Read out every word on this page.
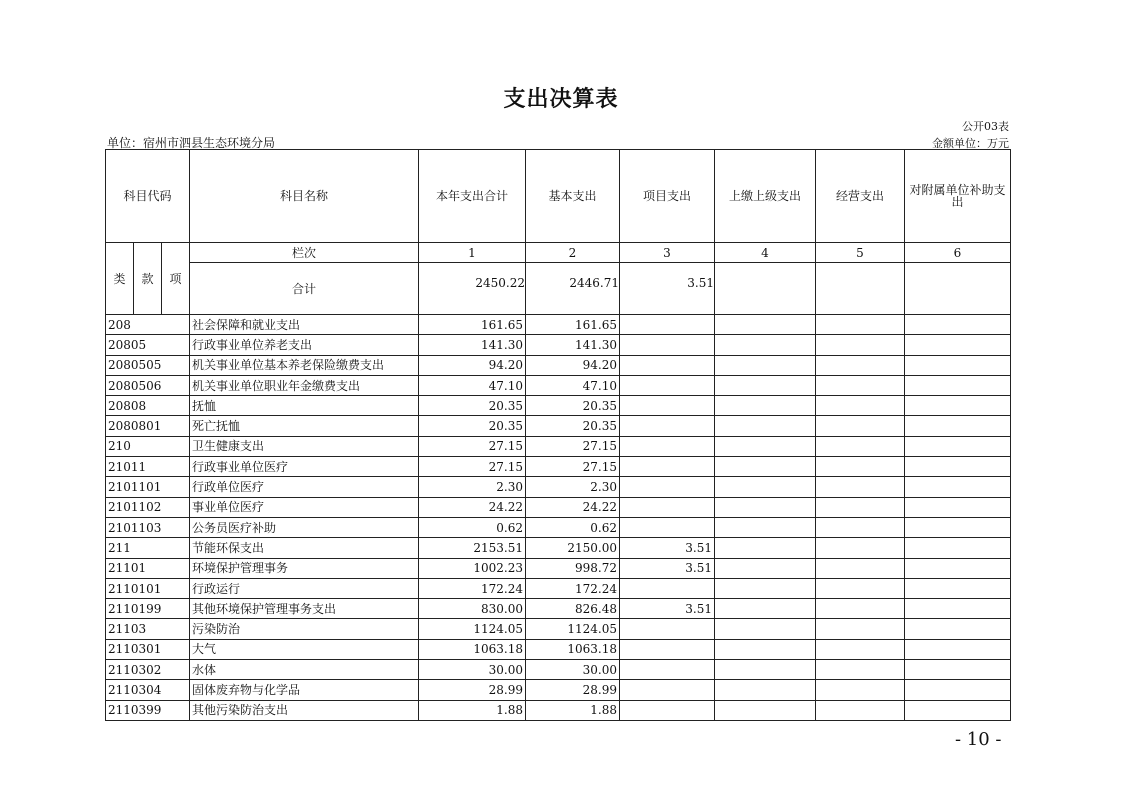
支出决算表
公开03表
单位：宿州市泗县生态环境分局	金额单位：万元
科目代码			科目名称	本年支出合计	基本支出	项目支出	上缴上级支出	经营支出	对附属单位补助支出
类	款	项	栏次	1	2	3	4	5	6
			合计	2450.22	2446.71	3.51			
208			社会保障和就业支出	161.65	161.65				
20805			行政事业单位养老支出	141.30	141.30				
2080505			机关事业单位基本养老保险缴费支出	94.20	94.20				
2080506			机关事业单位职业年金缴费支出	47.10	47.10				
20808			抚恤	20.35	20.35				
2080801			死亡抚恤	20.35	20.35				
210			卫生健康支出	27.15	27.15				
21011			行政事业单位医疗	27.15	27.15				
2101101			行政单位医疗	2.30	2.30				
2101102			事业单位医疗	24.22	24.22				
2101103			公务员医疗补助	0.62	0.62				
211			节能环保支出	2153.51	2150.00	3.51			
21101			环境保护管理事务	1002.23	998.72	3.51			
2110101			行政运行	172.24	172.24				
2110199			其他环境保护管理事务支出	830.00	826.48	3.51			
21103			污染防治	1124.05	1124.05				
2110301			大气	1063.18	1063.18				
2110302			水体	30.00	30.00				
2110304			固体废弃物与化学品	28.99	28.99				
2110399			其他污染防治支出	1.88	1.88				
- 10 -
